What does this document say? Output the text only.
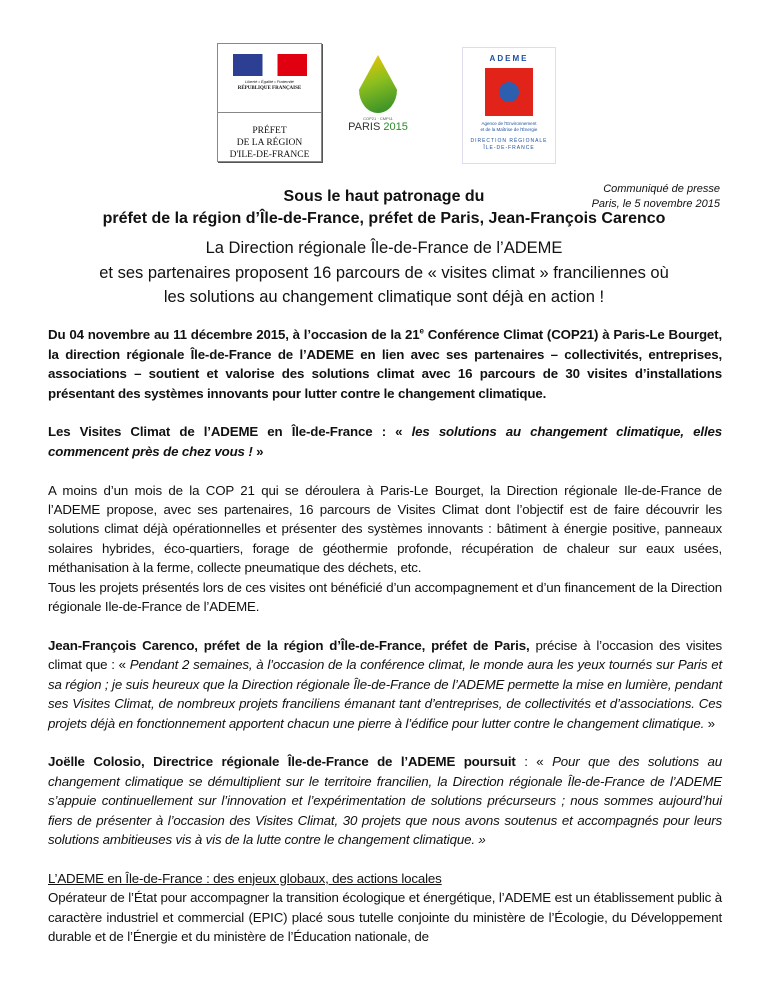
Liberté • Égalité • Fraternité
RÉPUBLIQUE FRANÇAISE
PRÉFET
DE LA RÉGION
D'ILE-DE-FRANCE
COP21 · CMP11
PARIS 2015
ADEME
Agence de l'Environnement
et de la Maîtrise de l'Énergie
DIRECTION RÉGIONALE
ÎLE-DE-FRANCE
Communiqué de presse
Paris, le 5 novembre 2015
Sous le haut patronage du
préfet de la région d’Île-de-France, préfet de Paris, Jean-François Carenco
La Direction régionale Île-de-France de l’ADEME
et ses partenaires proposent 16 parcours de « visites climat » franciliennes où
les solutions au changement climatique sont déjà en action !

Du 04 novembre au 11 décembre 2015, à l’occasion de la 21e Conférence Climat (COP21) à Paris-Le Bourget, la direction régionale Île-de-France de l’ADEME en lien avec ses partenaires – collectivités, entreprises, associations – soutient et valorise des solutions climat avec 16 parcours de 30 visites d’installations présentant des systèmes innovants pour lutter contre le changement climatique.

Les Visites Climat de l’ADEME en Île-de-France : « les solutions au changement climatique, elles commencent près de chez vous ! »

A moins d’un mois de la COP 21 qui se déroulera à Paris-Le Bourget, la Direction régionale Ile-de-France de l’ADEME propose, avec ses partenaires, 16 parcours de Visites Climat dont l’objectif est de faire découvrir les solutions climat déjà opérationnelles et présenter des systèmes innovants : bâtiment à énergie positive, panneaux solaires hybrides, éco-quartiers, forage de géothermie profonde, récupération de chaleur sur eaux usées, méthanisation à la ferme, collecte pneumatique des déchets, etc.

Tous les projets présentés lors de ces visites ont bénéficié d’un accompagnement et d’un financement de la Direction régionale Ile-de-France de l’ADEME.

Jean-François Carenco, préfet de la région d’Île-de-France, préfet de Paris, précise à l’occasion des visites climat que : « Pendant 2 semaines, à l’occasion de la conférence climat, le monde aura les yeux tournés sur Paris et sa région ; je suis heureux que la Direction régionale Île-de-France de l’ADEME permette la mise en lumière, pendant ses Visites Climat, de nombreux projets franciliens émanant tant d’entreprises, de collectivités et d’associations. Ces projets déjà en fonctionnement apportent chacun une pierre à l’édifice pour lutter contre le changement climatique. »

Joëlle Colosio, Directrice régionale Île-de-France de l’ADEME poursuit : « Pour que des solutions au changement climatique se démultiplient sur le territoire francilien, la Direction régionale Île-de-France de l’ADEME s’appuie continuellement sur l’innovation et l’expérimentation de solutions précurseurs ; nous sommes aujourd’hui fiers de présenter à l’occasion des Visites Climat, 30 projets que nous avons soutenus et accompagnés pour leurs solutions ambitieuses vis à vis de la lutte contre le changement climatique. »

L’ADEME en Île-de-France : des enjeux globaux, des actions locales

Opérateur de l’État pour accompagner la transition écologique et énergétique, l’ADEME est un établissement public à caractère industriel et commercial (EPIC) placé sous tutelle conjointe du ministère de l’Écologie, du Développement durable et de l’Énergie et du ministère de l’Éducation nationale, de
